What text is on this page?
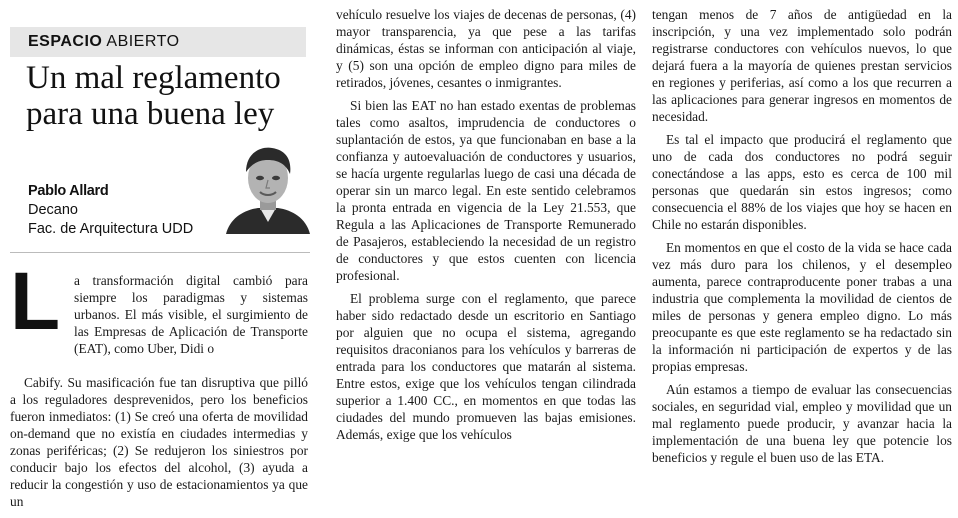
ESPACIO ABIERTO
Un mal reglamento para una buena ley
Pablo Allard
Decano
Fac. de Arquitectura UDD
L a transformación digital cambió para siempre los paradigmas y sistemas urbanos. El más visible, el surgimiento de las Empresas de Aplicación de Transporte (EAT), como Uber, Didi o

Cabify. Su masificación fue tan disruptiva que pilló a los reguladores desprevenidos, pero los beneficios fueron inmediatos: (1) Se creó una oferta de movilidad on-demand que no existía en ciudades intermedias y zonas periféricas; (2) Se redujeron los siniestros por conducir bajo los efectos del alcohol, (3) ayuda a reducir la congestión y uso de estacionamientos ya que un

vehículo resuelve los viajes de decenas de personas, (4) mayor transparencia, ya que pese a las tarifas dinámicas, éstas se informan con anticipación al viaje, y (5) son una opción de empleo digno para miles de retirados, jóvenes, cesantes o inmigrantes.

Si bien las EAT no han estado exentas de problemas tales como asaltos, imprudencia de conductores o suplantación de estos, ya que funcionaban en base a la confianza y autoevaluación de conductores y usuarios, se hacía urgente regularlas luego de casi una década de operar sin un marco legal. En este sentido celebramos la pronta entrada en vigencia de la Ley 21.553, que Regula a las Aplicaciones de Transporte Remunerado de Pasajeros, estableciendo la necesidad de un registro de conductores y que estos cuenten con licencia profesional.

El problema surge con el reglamento, que parece haber sido redactado desde un escritorio en Santiago por alguien que no ocupa el sistema, agregando requisitos draconianos para los vehículos y barreras de entrada para los conductores que matarán al sistema. Entre estos, exige que los vehículos tengan cilindrada superior a 1.400 CC., en momentos en que todas las ciudades del mundo promueven las bajas emisiones. Además, exige que los vehículos

tengan menos de 7 años de antigüedad en la inscripción, y una vez implementado solo podrán registrarse conductores con vehículos nuevos, lo que dejará fuera a la mayoría de quienes prestan servicios en regiones y periferias, así como a los que recurren a las aplicaciones para generar ingresos en momentos de necesidad.

Es tal el impacto que producirá el reglamento que uno de cada dos conductores no podrá seguir conectándose a las apps, esto es cerca de 100 mil personas que quedarán sin estos ingresos; como consecuencia el 88% de los viajes que hoy se hacen en Chile no estarán disponibles.

En momentos en que el costo de la vida se hace cada vez más duro para los chilenos, y el desempleo aumenta, parece contraproducente poner trabas a una industria que complementa la movilidad de cientos de miles de personas y genera empleo digno. Lo más preocupante es que este reglamento se ha redactado sin la información ni participación de expertos y de las propias empresas.

Aún estamos a tiempo de evaluar las consecuencias sociales, en seguridad vial, empleo y movilidad que un mal reglamento puede producir, y avanzar hacia la implementación de una buena ley que potencie los beneficios y regule el buen uso de las ETA.
